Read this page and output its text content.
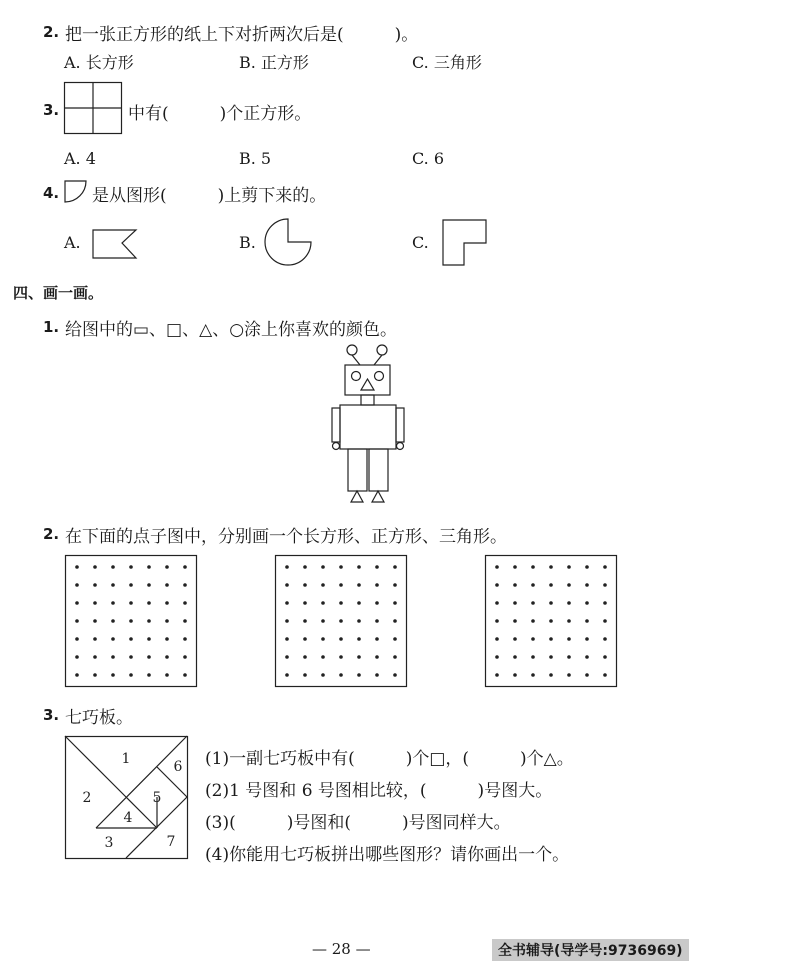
2. 把一张正方形的纸上下对折两次后是(　　　)。
A. 长方形	B. 正方形	C. 三角形
3.	中有(　　　)个正方形。
A. 4	B. 5	C. 6
4. 是从图形(　　　)上剪下来的。
A.	B.	C.
四、画一画。
1. 给图中的▭、□、△、○涂上你喜欢的颜色。
2. 在下面的点子图中，分别画一个长方形、正方形、三角形。
3. 七巧板。
1
2
3
4
5
6
7
(1)一副七巧板中有(　　　)个□，(　　　)个△。
(2)1 号图和 6 号图相比较，(　　　)号图大。
(3)(　　　)号图和(　　　)号图同样大。
(4)你能用七巧板拼出哪些图形？请你画出一个。
— 28 —	全书辅导(导学号:9736969)
